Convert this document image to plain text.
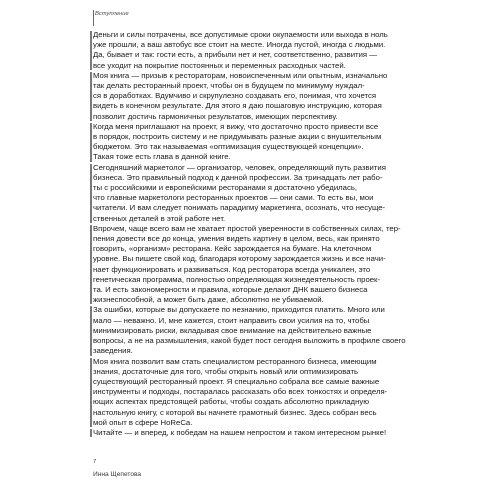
Вступление
Деньги и силы потрачены, все допустимые сроки окупаемости или выхода в ноль
уже прошли, а ваш автобус все стоит на месте. Иногда пустой, иногда с людьми.
Да, бывает и так: гости есть, а прибыли нет и нет, соответственно, развития —
все уходит на покрытие постоянных и переменных расходных частей.
Моя книга — призыв к рестораторам, новоиспеченным или опытным, изначально
так делать ресторанный проект, чтобы он в будущем по минимуму нуждал-
ся в доработках. Вдумчиво и скрупулезно создавать его, понимая, что хочется
видеть в конечном результате. Для этого я даю пошаговую инструкцию, которая
позволит достичь гармоничных результатов, имеющих перспективу.
Когда меня приглашают на проект, я вижу, что достаточно просто привести все
в порядок, построить систему и не придумывать разные акции с внушительным
бюджетом. Это так называемая «оптимизация существующей концепции».
Такая тоже есть глава в данной книге.
Сегодняшний маркетолог — организатор, человек, определяющий путь развития
бизнеса. Это правильный подход к данной профессии. За тринадцать лет рабо-
ты с российскими и европейскими ресторанами я достаточно убедилась,
что главные маркетологи ресторанных проектов — они сами. То есть вы, мои
читатели. И вам следует понимать парадигму маркетинга, осознать, что несуще-
ственных деталей в этой работе нет.
Впрочем, чаще всего вам не хватает простой уверенности в собственных силах, тер-
пения довести все до конца, умения видеть картину в целом, весь, как принято
говорить, «организм» ресторана. Кейс зарождается на бумаге. На клеточном
уровне. Вы пишете свой код, благодаря которому зарождается жизнь и все начи-
нает функционировать и развиваться. Код ресторатора всегда уникален, это
генетическая программа, полностью определяющая жизнедеятельность проек-
та. И есть закономерности и правила, которые делают ДНК вашего бизнеса
жизнеспособной, а может быть даже, абсолютно не убиваемой.
За ошибки, которые вы допускаете по незнанию, приходится платить. Много или
мало — неважно. И, мне кажется, стоит направить свои усилия на то, чтобы
минимизировать риски, вкладывая свое внимание на действительно важные
вопросы, а не на размышления, какой будет пост сегодня выложить в профиле своего
заведения.
Моя книга позволит вам стать специалистом ресторанного бизнеса, имеющим
знания, достаточные для того, чтобы открыть новый или оптимизировать
существующий ресторанный проект. Я специально собрала все самые важные
инструменты и подходы, постаралась рассказать обо всех тонкостях и определя-
ющих аспектах предстоящей работы, чтобы создать абсолютно прикладную
настольную книгу, с которой вы начнете грамотный бизнес. Здесь собран весь
мой опыт в сфере HoReCa.
Читайте — и вперед, к победам на нашем непростом и таком интересном рынке!
7
Инна Щепетова
